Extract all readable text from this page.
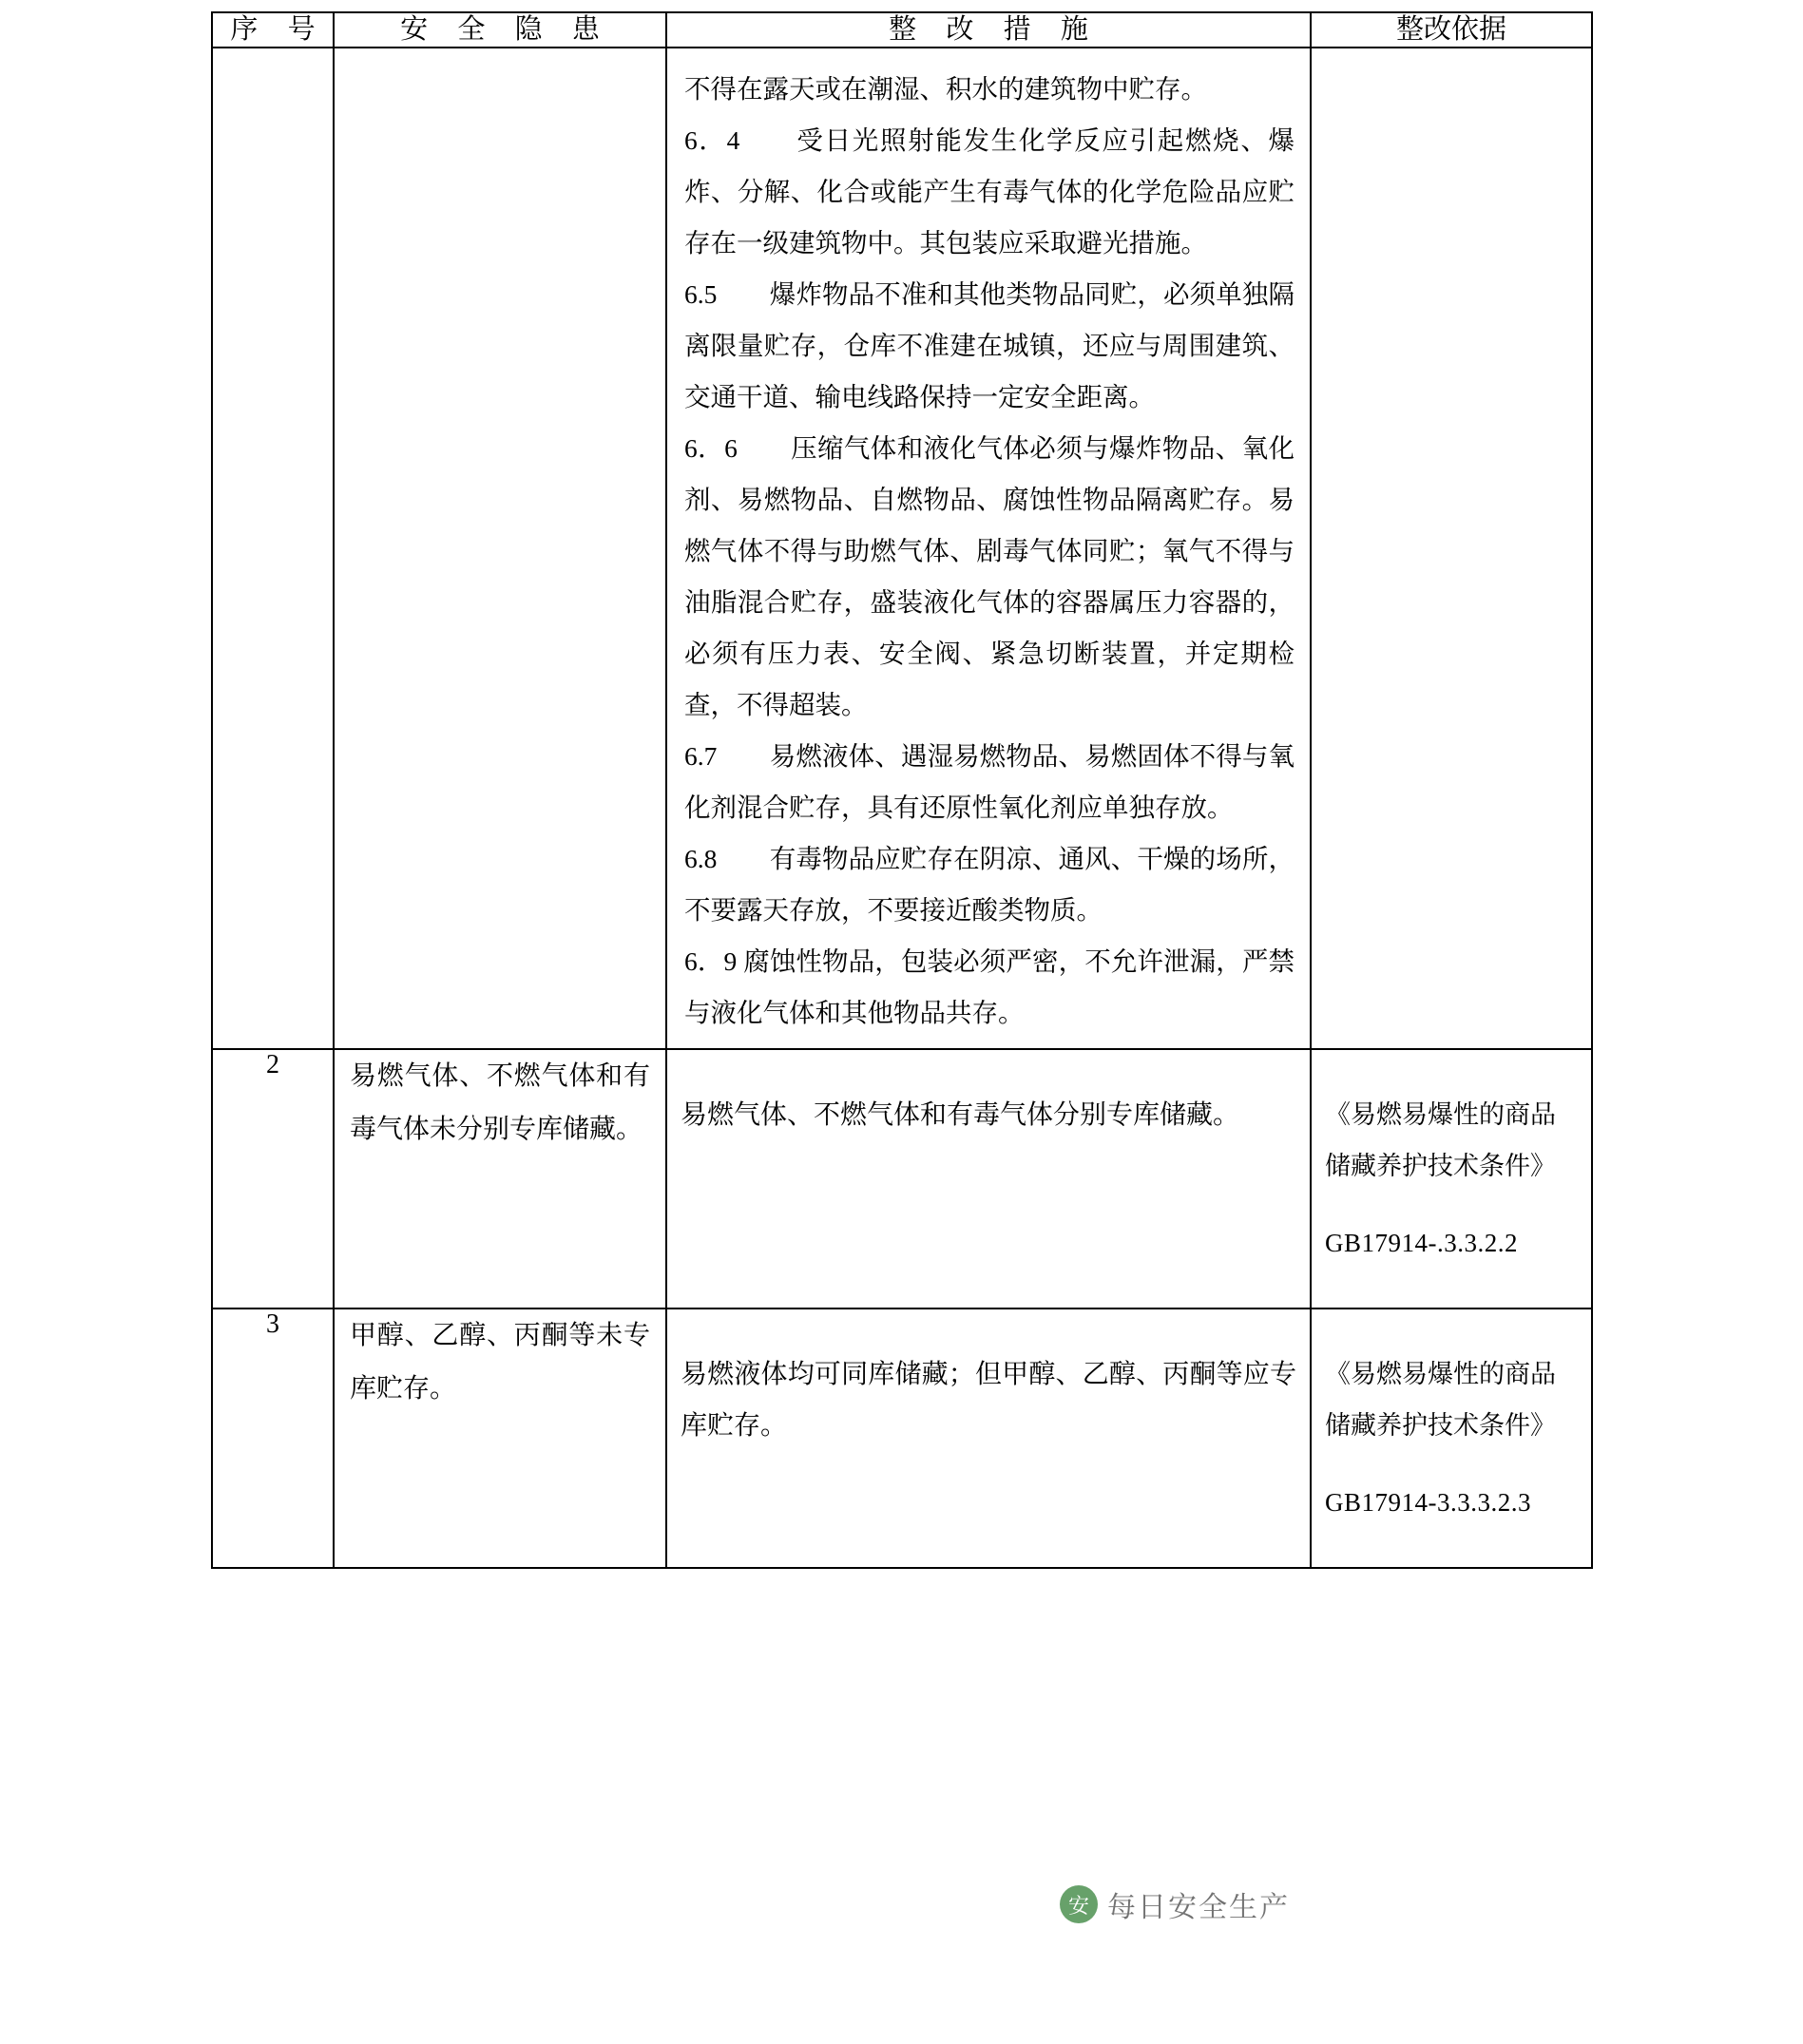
序 号	安 全 隐 患	整 改 措 施	整改依据

不得在露天或在潮湿、积水的建筑物中贮存。

6．4　　受日光照射能发生化学反应引起燃烧、爆炸、分解、化合或能产生有毒气体的化学危险品应贮存在一级建筑物中。其包装应采取避光措施。

6.5　　爆炸物品不准和其他类物品同贮，必须单独隔离限量贮存，仓库不准建在城镇，还应与周围建筑、交通干道、输电线路保持一定安全距离。

6．6　　压缩气体和液化气体必须与爆炸物品、氧化剂、易燃物品、自燃物品、腐蚀性物品隔离贮存。易燃气体不得与助燃气体、剧毒气体同贮；氧气不得与油脂混合贮存，盛装液化气体的容器属压力容器的，必须有压力表、安全阀、紧急切断装置，并定期检查，不得超装。

6.7　　易燃液体、遇湿易燃物品、易燃固体不得与氧化剂混合贮存，具有还原性氧化剂应单独存放。

6.8　　有毒物品应贮存在阴凉、通风、干燥的场所，不要露天存放，不要接近酸类物质。

6．9 腐蚀性物品，包装必须严密，不允许泄漏，严禁与液化气体和其他物品共存。

2	易燃气体、不燃气体和有毒气体未分别专库储藏。	易燃气体、不燃气体和有毒气体分别专库储藏。	《易燃易爆性的商品储藏养护技术条件》

GB17914-.3.3.2.2

3	甲醇、乙醇、丙酮等未专库贮存。	易燃液体均可同库储藏；但甲醇、乙醇、丙酮等应专库贮存。	《易燃易爆性的商品储藏养护技术条件》

GB17914-3.3.3.2.3

安 每日安全生产
